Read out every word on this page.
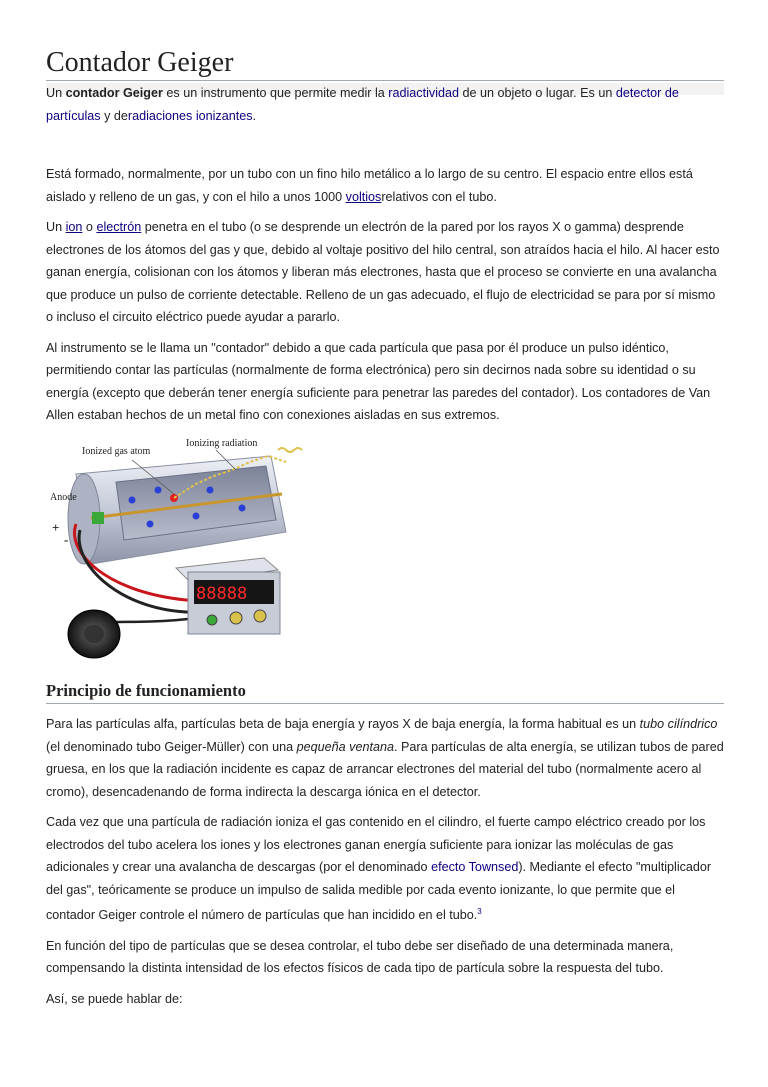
Contador Geiger

Un contador Geiger es un instrumento que permite medir la radiactividad de un objeto o lugar. Es un detector de partículas y deradiaciones ionizantes.

Está formado, normalmente, por un tubo con un fino hilo metálico a lo largo de su centro. El espacio entre ellos está aislado y relleno de un gas, y con el hilo a unos 1000 voltiosrelativos con el tubo.

Un ion o electrón penetra en el tubo (o se desprende un electrón de la pared por los rayos X o gamma) desprende electrones de los átomos del gas y que, debido al voltaje positivo del hilo central, son atraídos hacia el hilo. Al hacer esto ganan energía, colisionan con los átomos y liberan más electrones, hasta que el proceso se convierte en una avalancha que produce un pulso de corriente detectable. Relleno de un gas adecuado, el flujo de electricidad se para por sí mismo o incluso el circuito eléctrico puede ayudar a pararlo.

Al instrumento se le llama un "contador" debido a que cada partícula que pasa por él produce un pulso idéntico, permitiendo contar las partículas (normalmente de forma electrónica) pero sin decirnos nada sobre su identidad o su energía (excepto que deberán tener energía suficiente para penetrar las paredes del contador). Los contadores de Van Allen estaban hechos de un metal fino con conexiones aisladas en sus extremos.

Ionized gas atom
Ionizing radiation
Anode
+
-
88888
Principio de funcionamiento

Para las partículas alfa, partículas beta de baja energía y rayos X de baja energía, la forma habitual es un tubo cilíndrico (el denominado tubo Geiger-Müller) con una pequeña ventana. Para partículas de alta energía, se utilizan tubos de pared gruesa, en los que la radiación incidente es capaz de arrancar electrones del material del tubo (normalmente acero al cromo), desencadenando de forma indirecta la descarga iónica en el detector.

Cada vez que una partícula de radiación ioniza el gas contenido en el cilindro, el fuerte campo eléctrico creado por los electrodos del tubo acelera los iones y los electrones ganan energía suficiente para ionizar las moléculas de gas adicionales y crear una avalancha de descargas (por el denominado efecto Townsed). Mediante el efecto "multiplicador del gas", teóricamente se produce un impulso de salida medible por cada evento ionizante, lo que permite que el contador Geiger controle el número de partículas que han incidido en el tubo.$^3$

En función del tipo de partículas que se desea controlar, el tubo debe ser diseñado de una determinada manera, compensando la distinta intensidad de los efectos físicos de cada tipo de partícula sobre la respuesta del tubo.

Así, se puede hablar de:
